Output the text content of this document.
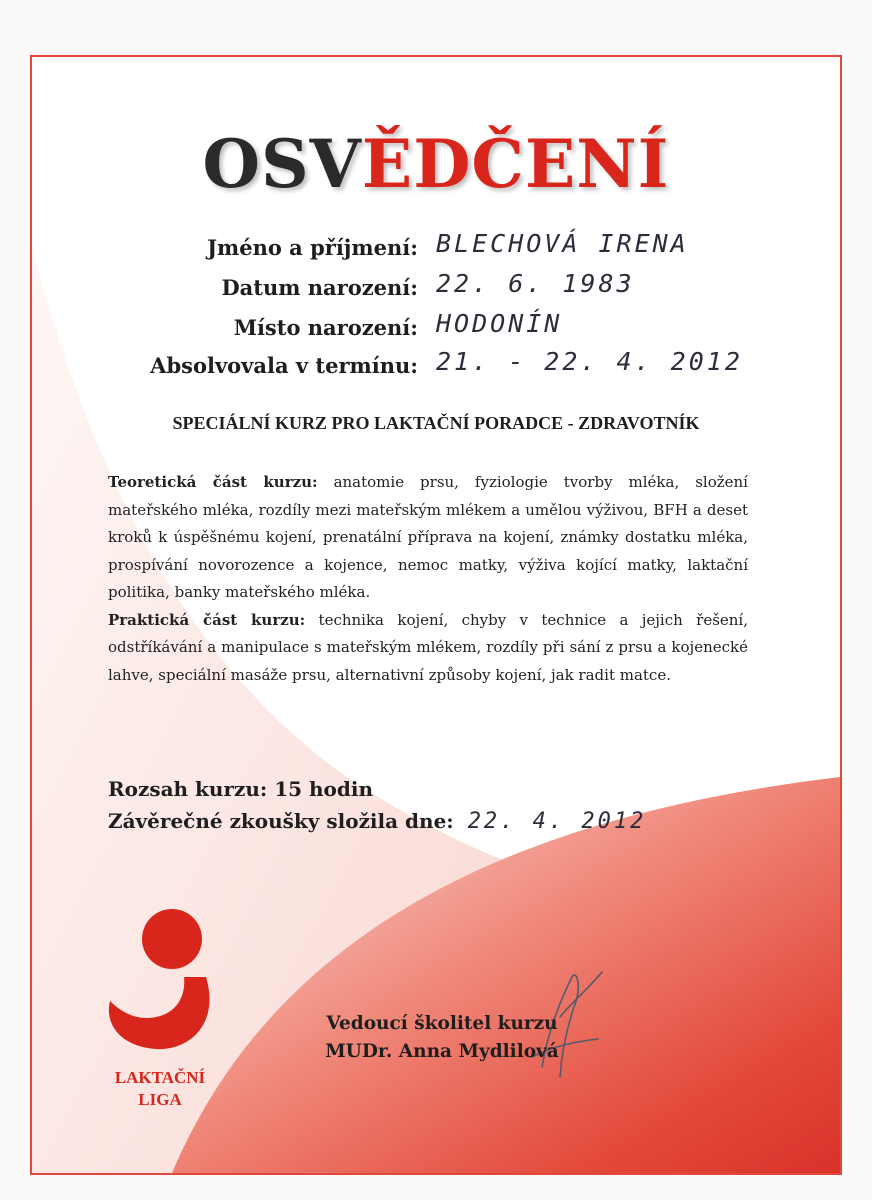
OSVĚDČENÍ
Jméno a příjmení: BLECHOVÁ IRENA
Datum narození: 22. 6. 1983
Místo narození: HODONÍN
Absolvovala v termínu: 21. - 22. 4. 2012
SPECIÁLNÍ KURZ PRO LAKTAČNÍ PORADCE - ZDRAVOTNÍK

Teoretická část kurzu: anatomie prsu, fyziologie tvorby mléka, složení mateřského mléka, rozdíly mezi mateřským mlékem a umělou výživou, BFH a deset kroků k úspěšnému kojení, prenatální příprava na kojení, známky dostatku mléka, prospívání novorozence a kojence, nemoc matky, výživa kojící matky, laktační politika, banky mateřského mléka.
Praktická část kurzu: technika kojení, chyby v technice a jejich řešení, odstříkávání a manipulace s mateřským mlékem, rozdíly při sání z prsu a kojenecké lahve, speciální masáže prsu, alternativní způsoby kojení, jak radit matce.

Rozsah kurzu: 15 hodin
Závěrečné zkoušky složila dne: 22. 4. 2012
LAKTAČNÍ
LIGA
Vedoucí školitel kurzu
MUDr. Anna Mydlilová
